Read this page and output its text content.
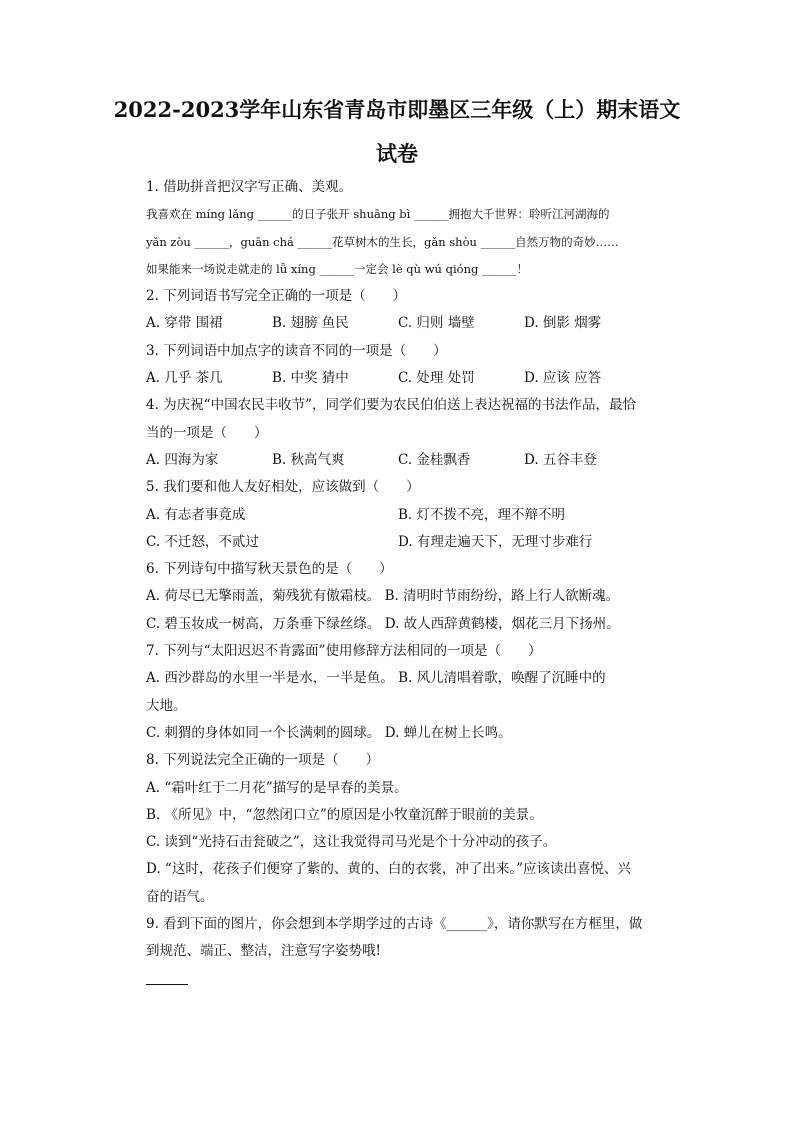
2022-2023学年山东省青岛市即墨区三年级（上）期末语文
试卷
1. 借助拼音把汉字写正确、美观。
我喜欢在 míng lǎng ______的日子张开 shuāng bì ______拥抱大千世界：聆听江河湖海的
yǎn zòu ______，guān chá ______花草树木的生长，gǎn shòu ______自然万物的奇妙……
如果能来一场说走就走的 lǚ xíng ______一定会 lè qù wú qióng ______！
2. 下列词语书写完全正确的一项是（　　）
A. 穿带 围裙	B. 翅膀 鱼民	C. 归则 墙壁	D. 倒影 烟雾
3. 下列词语中加点字的读音不同的一项是（　　）
A. 几乎 茶几	B. 中奖 猜中	C. 处理 处罚	D. 应该 应答
4. 为庆祝“中国农民丰收节”，同学们要为农民伯伯送上表达祝福的书法作品，最恰
当的一项是（　　）
A. 四海为家	B. 秋高气爽	C. 金桂飘香	D. 五谷丰登
5. 我们要和他人友好相处，应该做到（　　）
A. 有志者事竟成	B. 灯不拨不亮，理不辩不明
C. 不迁怒，不贰过	D. 有理走遍天下，无理寸步难行
6. 下列诗句中描写秋天景色的是（　　）
A. 荷尽已无擎雨盖，菊残犹有傲霜枝。 B. 清明时节雨纷纷，路上行人欲断魂。
C. 碧玉妆成一树高，万条垂下绿丝绦。 D. 故人西辞黄鹤楼，烟花三月下扬州。
7. 下列与“太阳迟迟不肯露面”使用修辞方法相同的一项是（　　）
A. 西沙群岛的水里一半是水，一半是鱼。 B. 风儿清唱着歌，唤醒了沉睡中的
大地。
C. 刺猬的身体如同一个长满刺的圆球。 D. 蝉儿在树上长鸣。
8. 下列说法完全正确的一项是（　　）
A. “霜叶红于二月花”描写的是早春的美景。
B. 《所见》中，“忽然闭口立”的原因是小牧童沉醉于眼前的美景。
C. 读到“光持石击瓮破之”，这让我觉得司马光是个十分冲动的孩子。
D. “这时，花孩子们便穿了紫的、黄的、白的衣裳，冲了出来。”应该读出喜悦、兴
奋的语气。
9. 看到下面的图片，你会想到本学期学过的古诗《______》，请你默写在方框里，做
到规范、端正、整洁，注意写字姿势哦!
